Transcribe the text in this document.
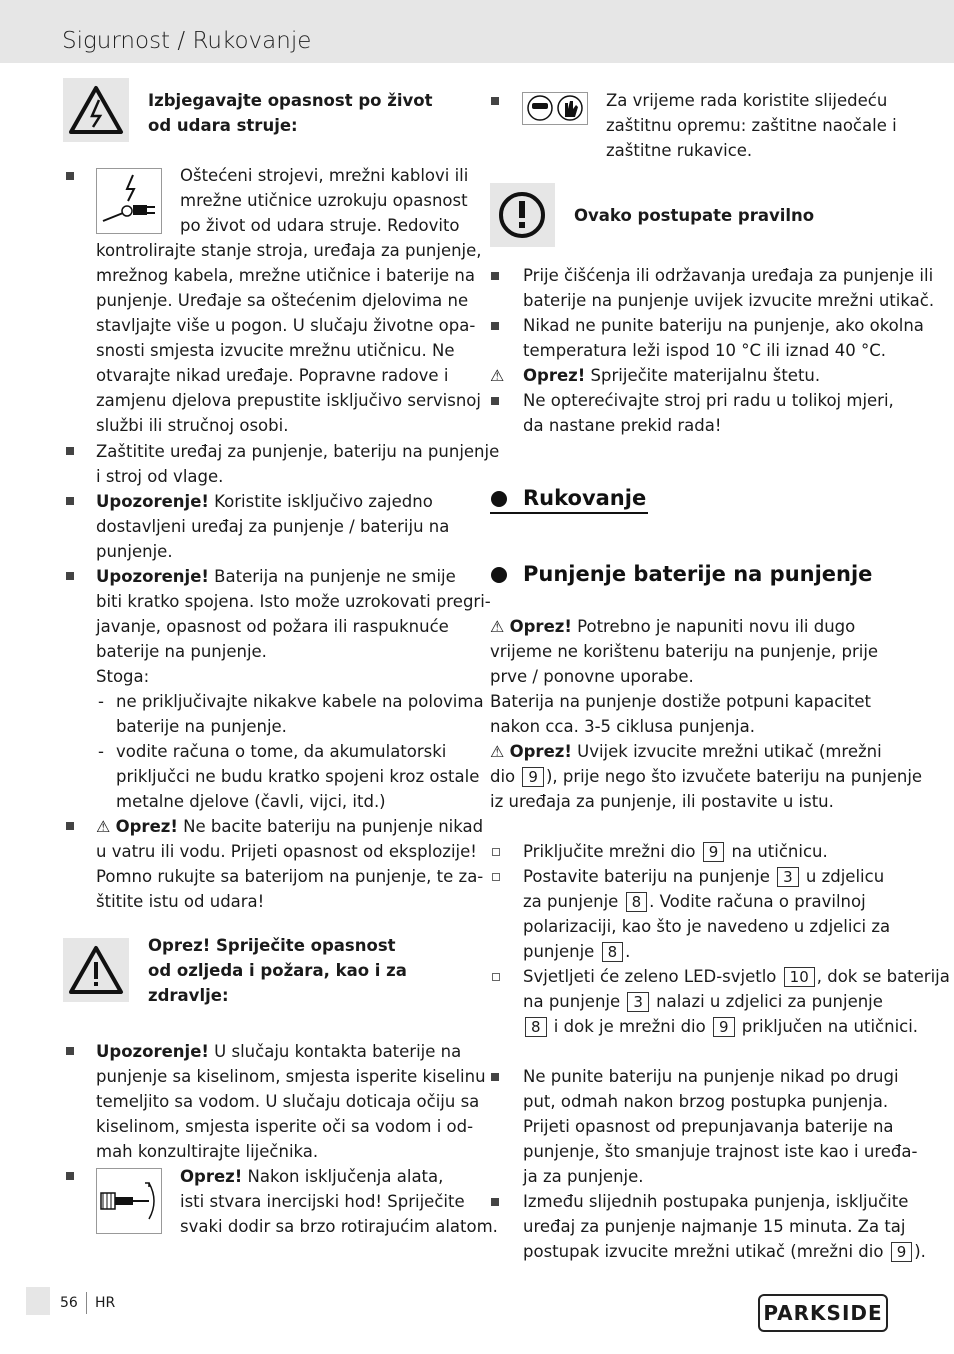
Sigurnost / Rukovanje
Izbjegavajte opasnost po život
od udara struje:
Oštećeni strojevi, mrežni kablovi ili
mrežne utičnice uzrokuju opasnost
po život od udara struje. Redovito
kontrolirajte stanje stroja, uređaja za punjenje,
mrežnog kabela, mrežne utičnice i baterije na
punjenje. Uređaje sa oštećenim djelovima ne
stavljajte više u pogon. U slučaju životne opa-
snosti smjesta izvucite mrežnu utičnicu. Ne
otvarajte nikad uređaje. Popravne radove i
zamjenu djelova prepustite isključivo servisnoj
službi ili stručnoj osobi.
Zaštitite uređaj za punjenje, bateriju na punjenje
i stroj od vlage.
Upozorenje! Koristite isključivo zajedno
dostavljeni uređaj za punjenje / bateriju na
punjenje.
Upozorenje! Baterija na punjenje ne smije
biti kratko spojena. Isto može uzrokovati pregri-
javanje, opasnost od požara ili raspuknuće
baterije na punjenje.
Stoga:
- ne priključivajte nikakve kabele na polovima
baterije na punjenje.
- vodite računa o tome, da akumulatorski
priključci ne budu kratko spojeni kroz ostale
metalne djelove (čavli, vijci, itd.)
⚠ Oprez! Ne bacite bateriju na punjenje nikad
u vatru ili vodu. Prijeti opasnost od eksplozije!
Pomno rukujte sa baterijom na punjenje, te za-
štitite istu od udara!
Oprez! Spriječite opasnost
od ozljeda i požara, kao i za
zdravlje:
Upozorenje! U slučaju kontakta baterije na
punjenje sa kiselinom, smjesta isperite kiselinu
temeljito sa vodom. U slučaju doticaja očiju sa
kiselinom, smjesta isperite oči sa vodom i od-
mah konzultirajte liječnika.
Oprez! Nakon isključenja alata,
isti stvara inercijski hod! Spriječite
svaki dodir sa brzo rotirajućim alatom.
Za vrijeme rada koristite slijedeću
zaštitnu opremu: zaštitne naočale i
zaštitne rukavice.
Ovako postupate pravilno
Prije čišćenja ili održavanja uređaja za punjenje ili
baterije na punjenje uvijek izvucite mrežni utikač.
Nikad ne punite bateriju na punjenje, ako okolna
temperatura leži ispod 10 °C ili iznad 40 °C.
⚠ Oprez! Spriječite materijalnu štetu.
Ne opterećivajte stroj pri radu u tolikoj mjeri,
da nastane prekid rada!
Rukovanje
Punjenje baterije na punjenje
⚠ Oprez! Potrebno je napuniti novu ili dugo
vrijeme ne korištenu bateriju na punjenje, prije
prve / ponovne uporabe.
Baterija na punjenje dostiže potpuni kapacitet
nakon cca. 3-5 ciklusa punjenja.
⚠ Oprez! Uvijek izvucite mrežni utikač (mrežni
dio 9 ), prije nego što izvučete bateriju na punjenje
iz uređaja za punjenje, ili postavite u istu.
Priključite mrežni dio 9 na utičnicu.
Postavite bateriju na punjenje 3 u zdjelicu
za punjenje 8 . Vodite računa o pravilnoj
polarizaciji, kao što je navedeno u zdjelici za
punjenje 8 .
Svjetljeti će zeleno LED-svjetlo 10 , dok se baterija
na punjenje 3 nalazi u zdjelici za punjenje
8 i dok je mrežni dio 9 priključen na utičnici.
Ne punite bateriju na punjenje nikad po drugi
put, odmah nakon brzog postupka punjenja.
Prijeti opasnost od prepunjavanja baterije na
punjenje, što smanjuje trajnost iste kao i uređa-
ja za punjenje.
Između slijednih postupaka punjenja, isključite
uređaj za punjenje najmanje 15 minuta. Za taj
postupak izvucite mrežni utikač (mrežni dio 9 ).
56 HR	PARKSIDE
